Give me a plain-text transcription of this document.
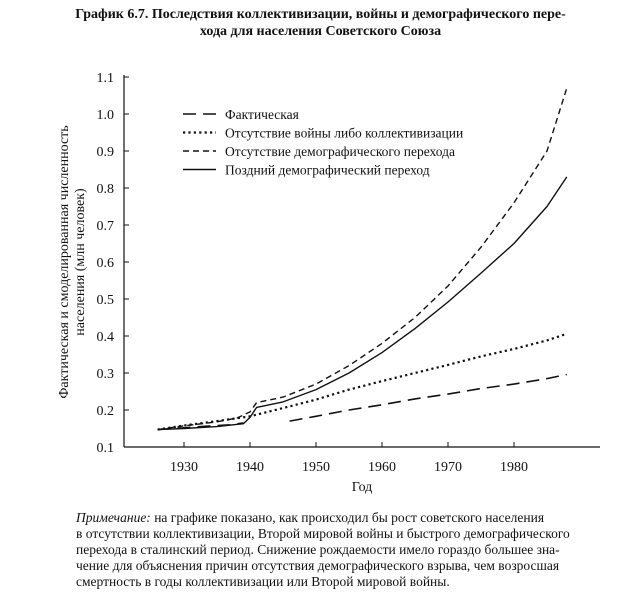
График 6.7. Последствия коллективизации, войны и демографического пере-
хода для населения Советского Союза
0.1
0.2
0.3
0.4
0.5
0.6
0.7
0.8
0.9
1.0
1.1
1930	1940	1950	1960	1970	1980
Фактическая
Отсутствие войны либо коллективизации
Отсутствие демографического перехода
Поздний демографический переход
Год
Фактическая и смоделированная численность населения (млн человек)
Примечание: на графике показано, как происходил бы рост советского населения
в отсутствии коллективизации, Второй мировой войны и быстрого демографического
перехода в сталинский период. Снижение рождаемости имело гораздо большее зна-
чение для объяснения причин отсутствия демографического взрыва, чем возросшая
смертность в годы коллективизации или Второй мировой войны.
